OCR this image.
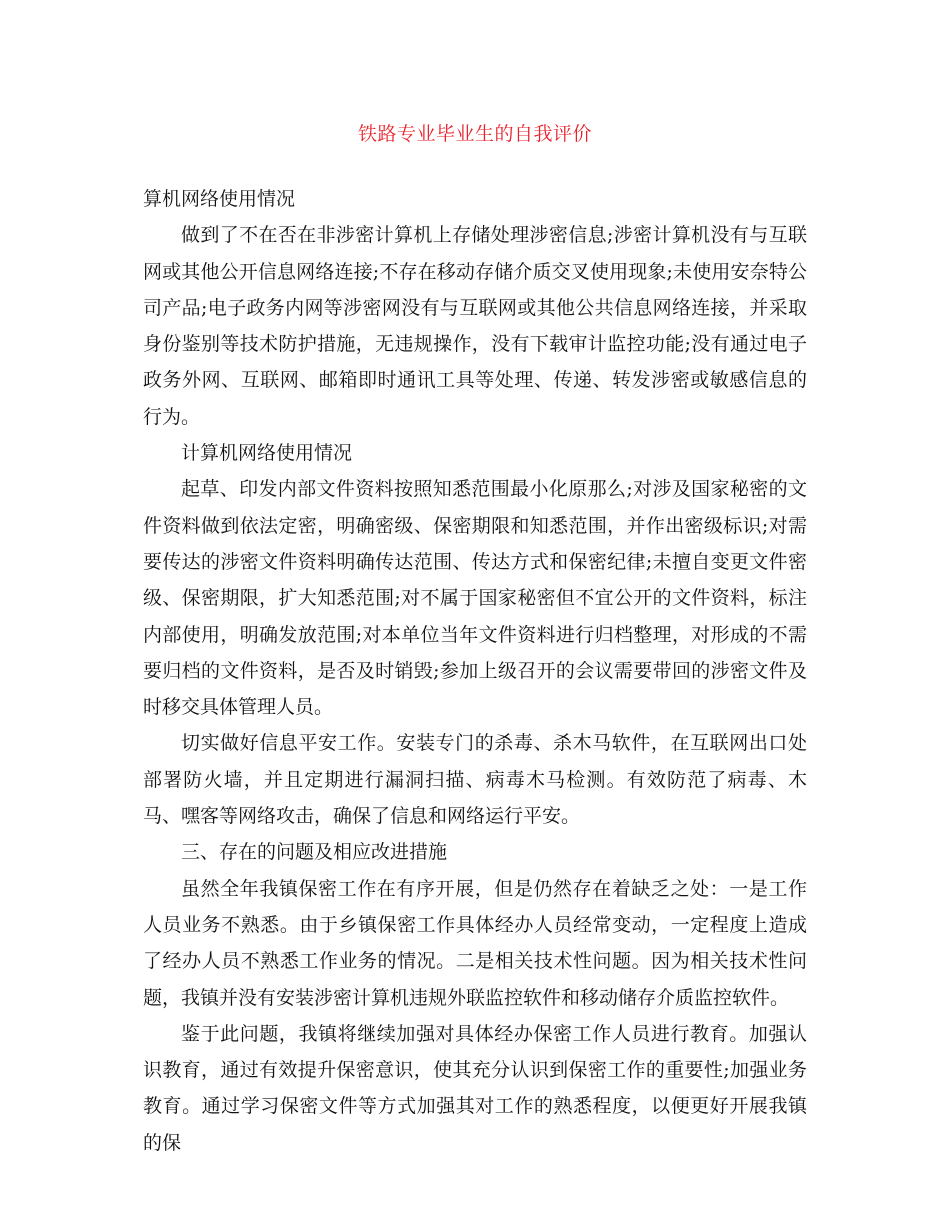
铁路专业毕业生的自我评价

算机网络使用情况

做到了不在否在非涉密计算机上存储处理涉密信息;涉密计算机没有与互联网或其他公开信息网络连接;不存在移动存储介质交叉使用现象;未使用安奈特公司产品;电子政务内网等涉密网没有与互联网或其他公共信息网络连接，并采取身份鉴别等技术防护措施，无违规操作，没有下载审计监控功能;没有通过电子政务外网、互联网、邮箱即时通讯工具等处理、传递、转发涉密或敏感信息的行为。

计算机网络使用情况

起草、印发内部文件资料按照知悉范围最小化原那么;对涉及国家秘密的文件资料做到依法定密，明确密级、保密期限和知悉范围，并作出密级标识;对需要传达的涉密文件资料明确传达范围、传达方式和保密纪律;未擅自变更文件密级、保密期限，扩大知悉范围;对不属于国家秘密但不宜公开的文件资料，标注内部使用，明确发放范围;对本单位当年文件资料进行归档整理，对形成的不需要归档的文件资料，是否及时销毁;参加上级召开的会议需要带回的涉密文件及时移交具体管理人员。

切实做好信息平安工作。安装专门的杀毒、杀木马软件，在互联网出口处部署防火墙，并且定期进行漏洞扫描、病毒木马检测。有效防范了病毒、木马、嘿客等网络攻击，确保了信息和网络运行平安。

三、存在的问题及相应改进措施

虽然全年我镇保密工作在有序开展，但是仍然存在着缺乏之处：一是工作人员业务不熟悉。由于乡镇保密工作具体经办人员经常变动，一定程度上造成了经办人员不熟悉工作业务的情况。二是相关技术性问题。因为相关技术性问题，我镇并没有安装涉密计算机违规外联监控软件和移动储存介质监控软件。

鉴于此问题，我镇将继续加强对具体经办保密工作人员进行教育。加强认识教育，通过有效提升保密意识，使其充分认识到保密工作的重要性;加强业务教育。通过学习保密文件等方式加强其对工作的熟悉程度，以便更好开展我镇的保
